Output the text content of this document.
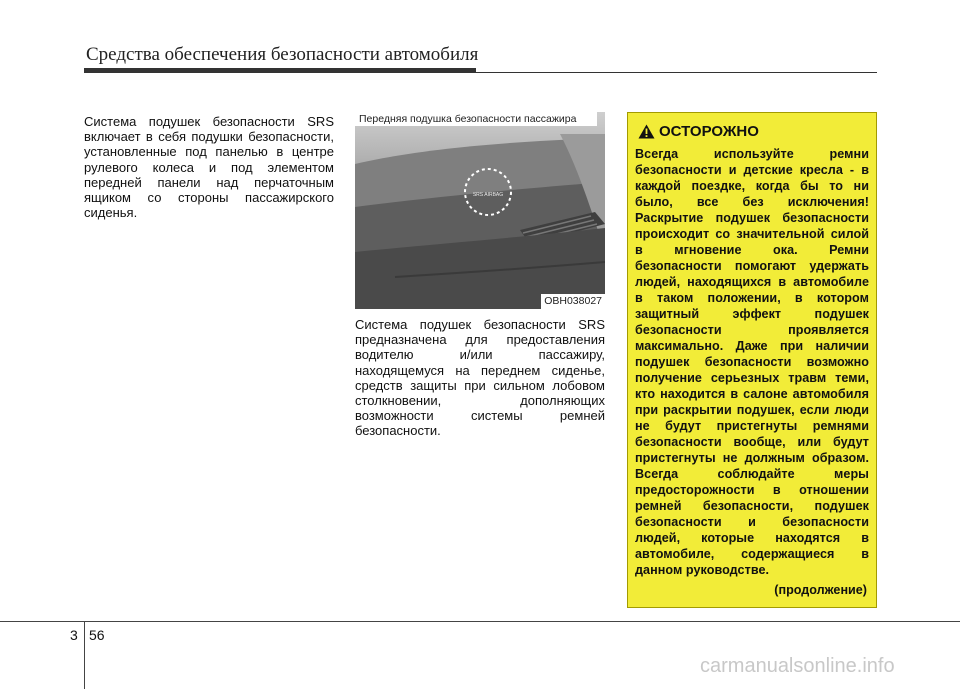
Средства обеспечения безопасности автомобиля
Система подушек безопасности SRS включает в себя подушки безопасности, установленные под панелью в центре рулевого колеса и под элементом передней панели над перчаточным ящиком со стороны пассажирского сиденья.
SRS AIRBAG
Передняя подушка безопасности пассажира
OBH038027
Система подушек безопасности SRS предназначена для предоставления водителю и/или пассажиру, находящемуся на переднем сиденье, средств защиты при сильном лобовом столкновении, дополняющих возможности системы ремней безопасности.
ОСТОРОЖНО
Всегда используйте ремни безопасности и детские кресла - в каждой поездке, когда бы то ни было, все без исключения! Раскрытие подушек безопасности происходит со значительной силой в мгновение ока. Ремни безопасности помогают удержать людей, находящихся в автомобиле в таком положении, в котором защитный эффект подушек безопасности проявляется максимально. Даже при наличии подушек безопасности возможно получение серьезных травм теми, кто находится в салоне автомобиля при раскрытии подушек, если люди не будут пристегнуты ремнями безопасности вообще, или будут пристегнуты не должным образом. Всегда соблюдайте меры предосторожности в отношении ремней безопасности, подушек безопасности и безопасности людей, которые находятся в автомобиле, содержащиеся в данном руководстве.
(продолжение)
3 56
carmanualsonline.info
